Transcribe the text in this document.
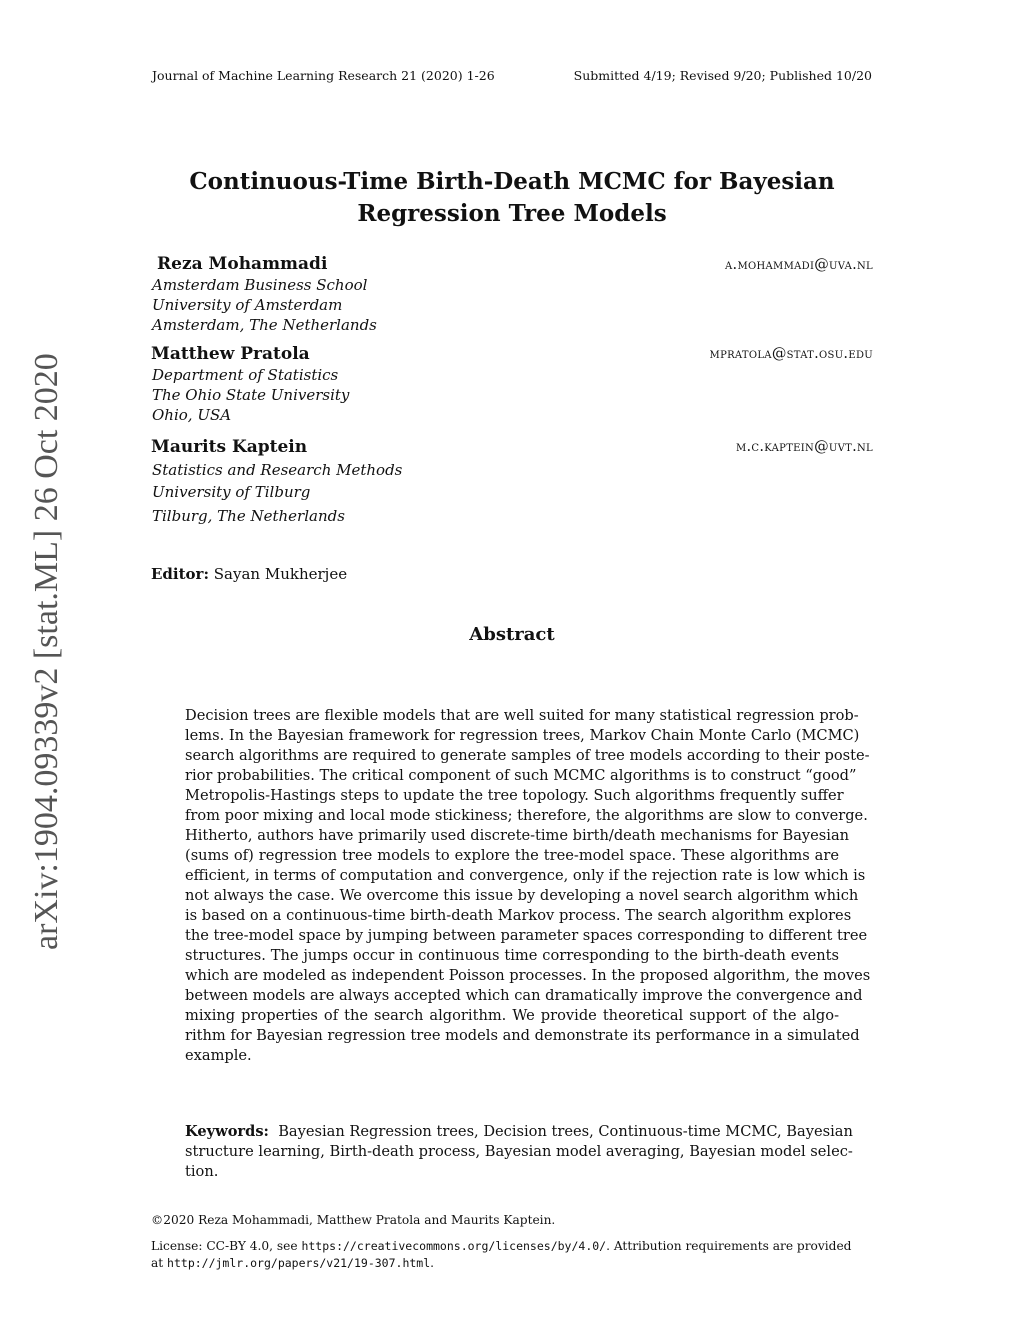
Journal of Machine Learning Research 21 (2020) 1-26	Submitted 4/19; Revised 9/20; Published 10/20
arXiv:1904.09339v2 [stat.ML] 26 Oct 2020
Continuous-Time Birth-Death MCMC for Bayesian
Regression Tree Models
Reza Mohammadi	a.mohammadi@uva.nl
Amsterdam Business School
University of Amsterdam
Amsterdam, The Netherlands
Matthew Pratola	mpratola@stat.osu.edu
Department of Statistics
The Ohio State University
Ohio, USA
Maurits Kaptein	m.c.kaptein@uvt.nl
Statistics and Research Methods
University of Tilburg
Tilburg, The Netherlands
Editor: Sayan Mukherjee
Abstract
Decision trees are flexible models that are well suited for many statistical regression prob-
lems. In the Bayesian framework for regression trees, Markov Chain Monte Carlo (MCMC)
search algorithms are required to generate samples of tree models according to their poste-
rior probabilities. The critical component of such MCMC algorithms is to construct “good”
Metropolis-Hastings steps to update the tree topology. Such algorithms frequently suffer
from poor mixing and local mode stickiness; therefore, the algorithms are slow to converge.
Hitherto, authors have primarily used discrete-time birth/death mechanisms for Bayesian
(sums of) regression tree models to explore the tree-model space. These algorithms are
efficient, in terms of computation and convergence, only if the rejection rate is low which is
not always the case. We overcome this issue by developing a novel search algorithm which
is based on a continuous-time birth-death Markov process. The search algorithm explores
the tree-model space by jumping between parameter spaces corresponding to different tree
structures. The jumps occur in continuous time corresponding to the birth-death events
which are modeled as independent Poisson processes. In the proposed algorithm, the moves
between models are always accepted which can dramatically improve the convergence and
mixing properties of the search algorithm. We provide theoretical support of the algo-
rithm for Bayesian regression tree models and demonstrate its performance in a simulated
example.
Keywords: Bayesian Regression trees, Decision trees, Continuous-time MCMC, Bayesian
structure learning, Birth-death process, Bayesian model averaging, Bayesian model selec-
tion.
©2020 Reza Mohammadi, Matthew Pratola and Maurits Kaptein.
License: CC-BY 4.0, see https://creativecommons.org/licenses/by/4.0/. Attribution requirements are provided
at http://jmlr.org/papers/v21/19-307.html.
